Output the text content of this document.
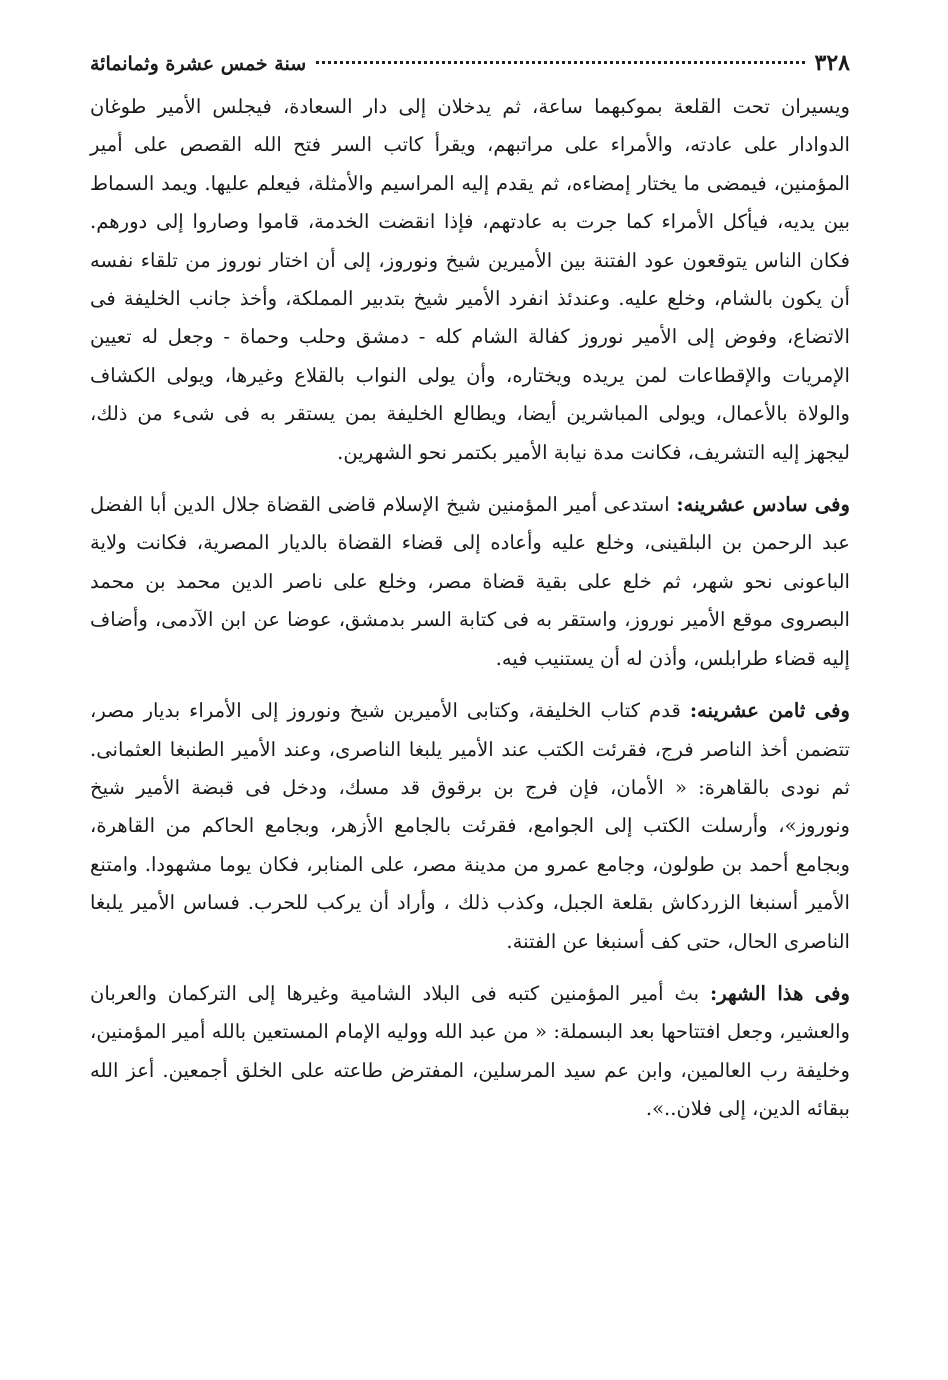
٣٢٨
سنة خمس عشرة وثمانمائة

ويسيران تحت القلعة بموكبهما ساعة، ثم يدخلان إلى دار السعادة، فيجلس الأمير طوغان الدوادار على عادته، والأمراء على مراتبهم، ويقرأ كاتب السر فتح الله القصص على أمير المؤمنين، فيمضى ما يختار إمضاءه، ثم يقدم إليه المراسيم والأمثلة، فيعلم عليها. ويمد السماط بين يديه، فيأكل الأمراء كما جرت به عادتهم، فإذا انقضت الخدمة، قاموا وصاروا إلى دورهم. فكان الناس يتوقعون عود الفتنة بين الأميرين شيخ ونوروز، إلى أن اختار نوروز من تلقاء نفسه أن يكون بالشام، وخلع عليه. وعندئذ انفرد الأمير شيخ بتدبير المملكة، وأخذ جانب الخليفة فى الاتضاع، وفوض إلى الأمير نوروز كفالة الشام كله - دمشق وحلب وحماة - وجعل له تعيين الإمريات والإقطاعات لمن يريده ويختاره، وأن يولى النواب بالقلاع وغيرها، ويولى الكشاف والولاة بالأعمال، ويولى المباشرين أيضا، ويطالع الخليفة بمن يستقر به فى شىء من ذلك، ليجهز إليه التشريف، فكانت مدة نيابة الأمير بكتمر نحو الشهرين.

وفى سادس عشرينه: استدعى أمير المؤمنين شيخ الإسلام قاضى القضاة جلال الدين أبا الفضل عبد الرحمن بن البلقينى، وخلع عليه وأعاده إلى قضاء القضاة بالديار المصرية، فكانت ولاية الباعونى نحو شهر، ثم خلع على بقية قضاة مصر، وخلع على ناصر الدين محمد بن محمد البصروى موقع الأمير نوروز، واستقر به فى كتابة السر بدمشق، عوضا عن ابن الآدمى، وأضاف إليه قضاء طرابلس، وأذن له أن يستنيب فيه.

وفى ثامن عشرينه: قدم كتاب الخليفة، وكتابى الأميرين شيخ ونوروز إلى الأمراء بديار مصر، تتضمن أخذ الناصر فرج، فقرئت الكتب عند الأمير يلبغا الناصرى، وعند الأمير الطنبغا العثمانى. ثم نودى بالقاهرة: « الأمان، فإن فرج بن برقوق قد مسك، ودخل فى قبضة الأمير شيخ ونوروز»، وأرسلت الكتب إلى الجوامع، فقرئت بالجامع الأزهر، وبجامع الحاكم من القاهرة، وبجامع أحمد بن طولون، وجامع عمرو من مدينة مصر، على المنابر، فكان يوما مشهودا. وامتنع الأمير أسنبغا الزردكاش بقلعة الجبل، وكذب ذلك ، وأراد أن يركب للحرب. فساس الأمير يلبغا الناصرى الحال، حتى كف أسنبغا عن الفتنة.

وفى هذا الشهر: بث أمير المؤمنين كتبه فى البلاد الشامية وغيرها إلى التركمان والعربان والعشير، وجعل افتتاحها بعد البسملة: « من عبد الله ووليه الإمام المستعين بالله أمير المؤمنين، وخليفة رب العالمين، وابن عم سيد المرسلين، المفترض طاعته على الخلق أجمعين. أعز الله ببقائه الدين، إلى فلان..».
